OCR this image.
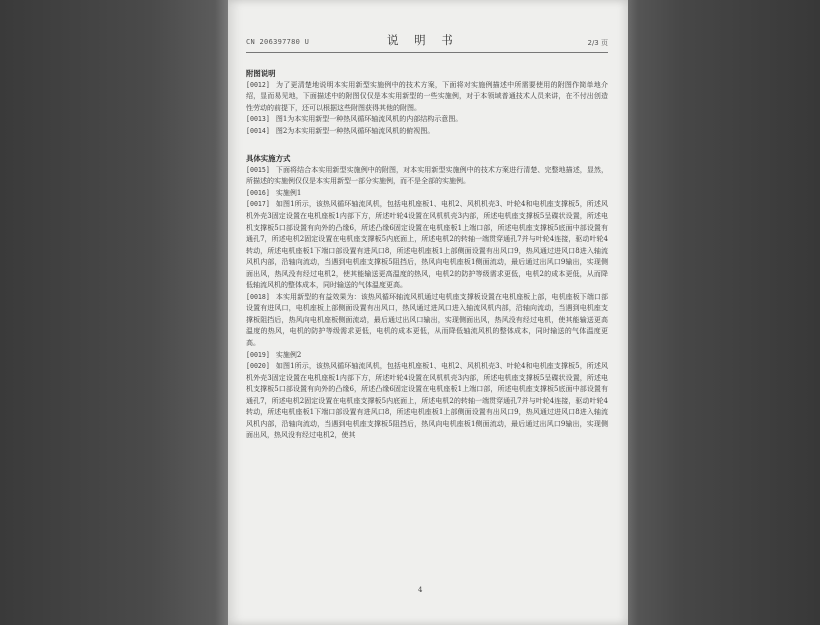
CN 206397780 U	说 明 书	2/3 页
附图说明
[0012] 为了更清楚地说明本实用新型实施例中的技术方案，下面将对实施例描述中所需要使用的附图作简单地介绍，显而易见地，下面描述中的附图仅仅是本实用新型的一些实施例，对于本领域普通技术人员来讲，在不付出创造性劳动的前提下，还可以根据这些附图获得其他的附图。
[0013] 图1为本实用新型一种热风循环轴流风机的内部结构示意图。
[0014] 图2为本实用新型一种热风循环轴流风机的俯视图。
具体实施方式
[0015] 下面将结合本实用新型实施例中的附图，对本实用新型实施例中的技术方案进行清楚、完整地描述，显然，所描述的实施例仅仅是本实用新型一部分实施例，而不是全部的实施例。
[0016] 实施例1
[0017] 如图1所示，该热风循环轴流风机，包括电机座板1、电机2、风机机壳3、叶轮4和电机座支撑板5，所述风机外壳3固定设置在电机座板1内部下方，所述叶轮4设置在风机机壳3内部，所述电机座支撑板5呈碟状设置，所述电机支撑板5口部设置有向外的凸缘6，所述凸缘6固定设置在电机座板1上端口部，所述电机座支撑板5底面中部设置有通孔7，所述电机2固定设置在电机座支撑板5内底面上，所述电机2的转轴一端贯穿通孔7并与叶轮4连接，驱动叶轮4转动，所述电机座板1下端口部设置有进风口8，所述电机座板1上部侧面设置有出风口9，热风通过进风口8进入轴流风机内部，沿轴向流动，当遇到电机座支撑板5阻挡后，热风向电机座板1侧面流动，最后通过出风口9输出，实现侧面出风，热风没有经过电机2，使其能输送更高温度的热风，电机2的防护等级需求更低，电机2的成本更低，从而降低轴流风机的整体成本，同时输送的气体温度更高。
[0018] 本实用新型的有益效果为：该热风循环轴流风机通过电机座支撑板设置在电机座板上部，电机座板下端口部设置有进风口，电机座板上部侧面设置有出风口，热风通过进风口进入轴流风机内部，沿轴向流动，当遇到电机座支撑板阻挡后，热风向电机座板侧面流动，最后通过出风口输出，实现侧面出风，热风没有经过电机，使其能输送更高温度的热风，电机的防护等级需求更低，电机的成本更低，从而降低轴流风机的整体成本，同时输送的气体温度更高。
[0019] 实施例2
[0020] 如图1所示，该热风循环轴流风机，包括电机座板1、电机2、风机机壳3、叶轮4和电机座支撑板5，所述风机外壳3固定设置在电机座板1内部下方，所述叶轮4设置在风机机壳3内部，所述电机座支撑板5呈碟状设置，所述电机支撑板5口部设置有向外的凸缘6，所述凸缘6固定设置在电机座板1上端口部，所述电机座支撑板5底面中部设置有通孔7，所述电机2固定设置在电机座支撑板5内底面上，所述电机2的转轴一端贯穿通孔7并与叶轮4连接，驱动叶轮4转动，所述电机座板1下端口部设置有进风口8，所述电机座板1上部侧面设置有出风口9，热风通过进风口8进入轴流风机内部，沿轴向流动，当遇到电机座支撑板5阻挡后，热风向电机座板1侧面流动，最后通过出风口9输出，实现侧面出风，热风没有经过电机2，使其
4
